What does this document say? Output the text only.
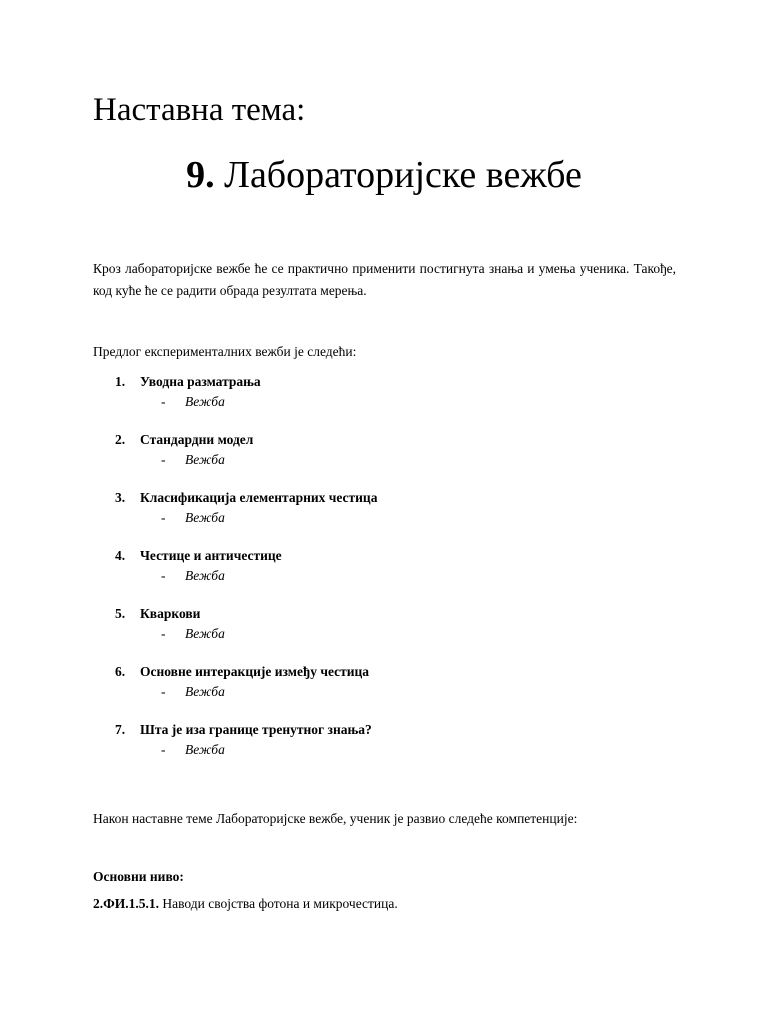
Наставна тема:
9. Лабораторијске вежбе

Кроз лабораторијске вежбе ће се практично применити постигнута знања и умења ученика. Такође, код куће ће се радити обрада резултата мерења.

Предлог експерименталних вежби је следећи:

1. Уводна разматрања
- Вежба
2. Стандардни модел
- Вежба
3. Класификација елементарних честица
- Вежба
4. Честице и античестице
- Вежба
5. Кваркови
- Вежба
6. Основне интеракције између честица
- Вежба
7. Шта је иза границе тренутног знања?
- Вежба

Након наставне теме Лабораторијске вежбе, ученик је развио следеће компетенције:

Основни ниво:

2.ФИ.1.5.1. Наводи својства фотона и микрочестица.
